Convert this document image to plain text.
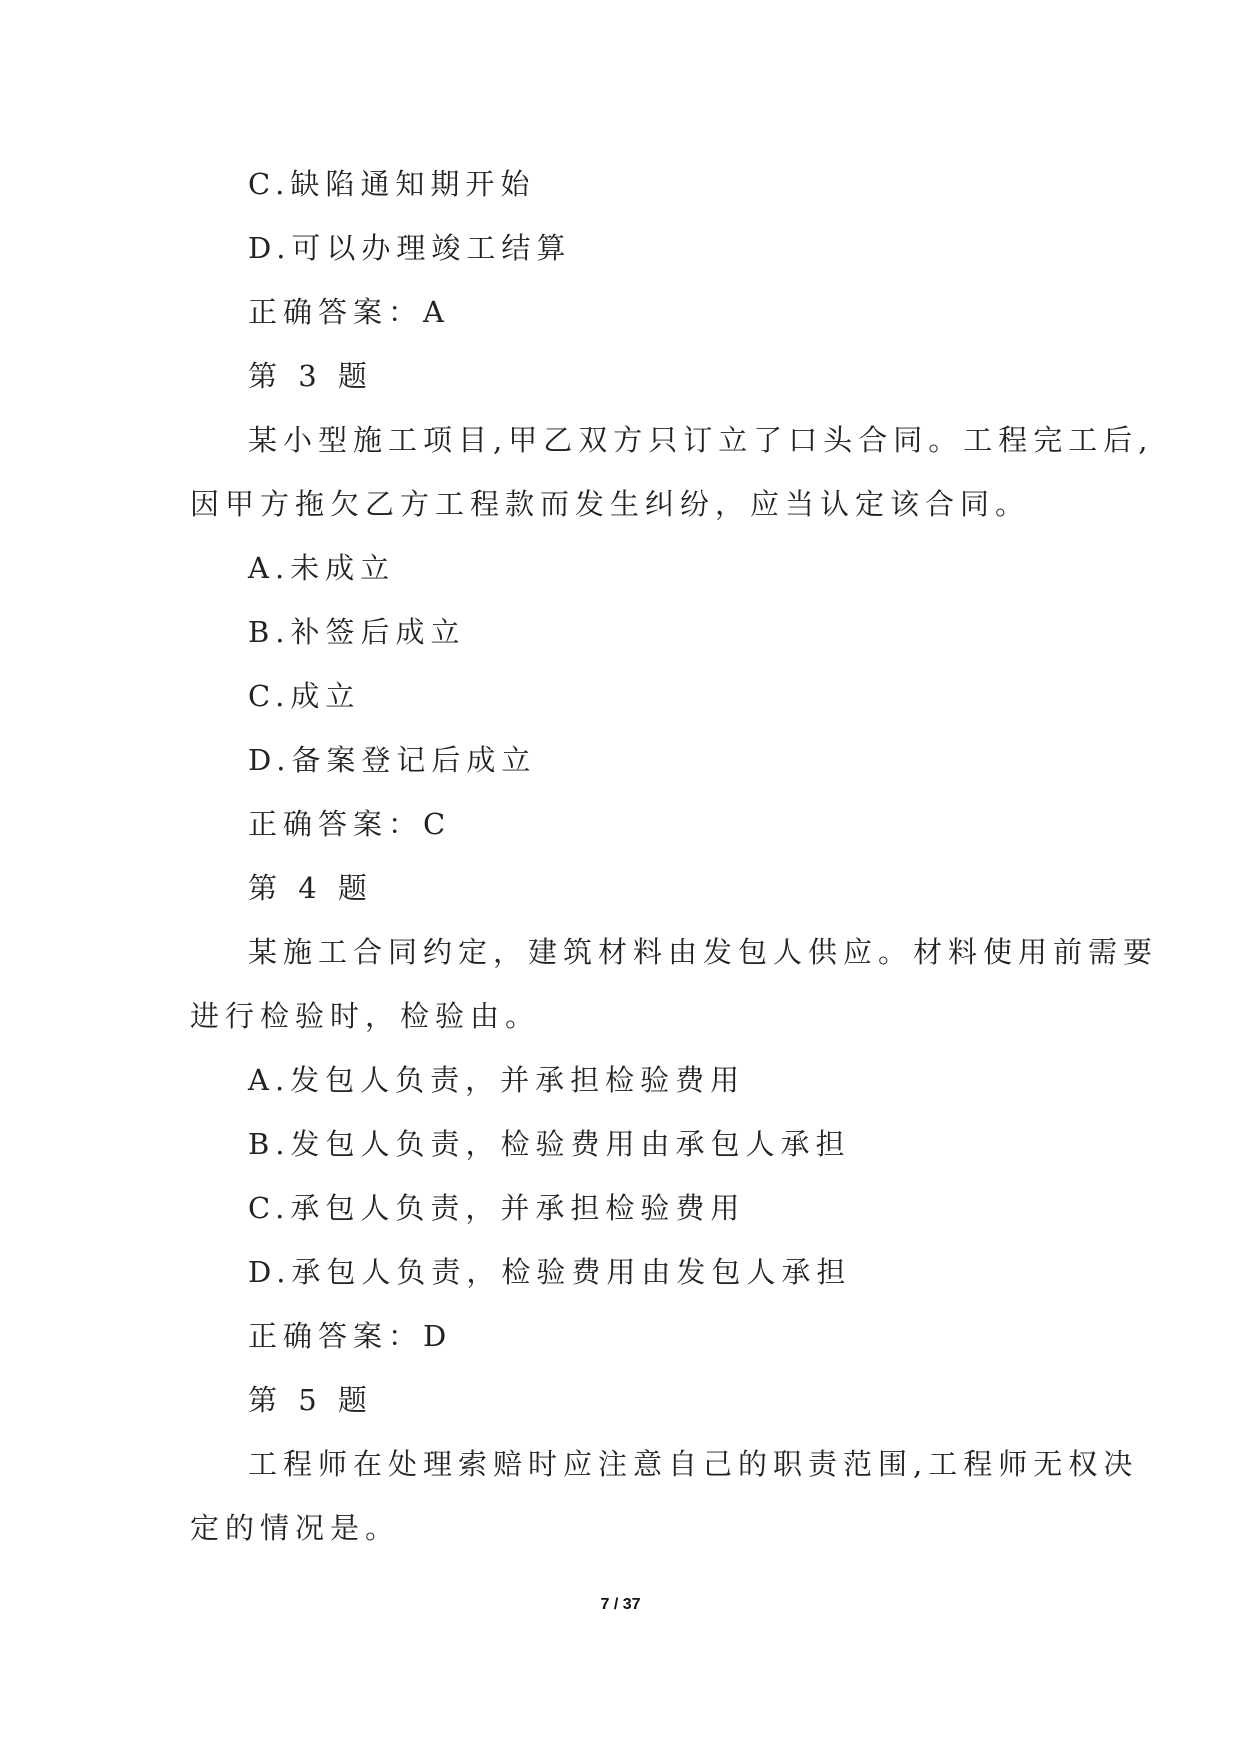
C.缺陷通知期开始
D.可以办理竣工结算
正确答案：A
第 3 题
某小型施工项目,甲乙双方只订立了口头合同。工程完工后,
因甲方拖欠乙方工程款而发生纠纷，应当认定该合同。
A.未成立
B.补签后成立
C.成立
D.备案登记后成立
正确答案：C
第 4 题
某施工合同约定，建筑材料由发包人供应。材料使用前需要
进行检验时，检验由。
A.发包人负责，并承担检验费用
B.发包人负责，检验费用由承包人承担
C.承包人负责，并承担检验费用
D.承包人负责，检验费用由发包人承担
正确答案：D
第 5 题
工程师在处理索赔时应注意自己的职责范围,工程师无权决
定的情况是。
7 / 37
